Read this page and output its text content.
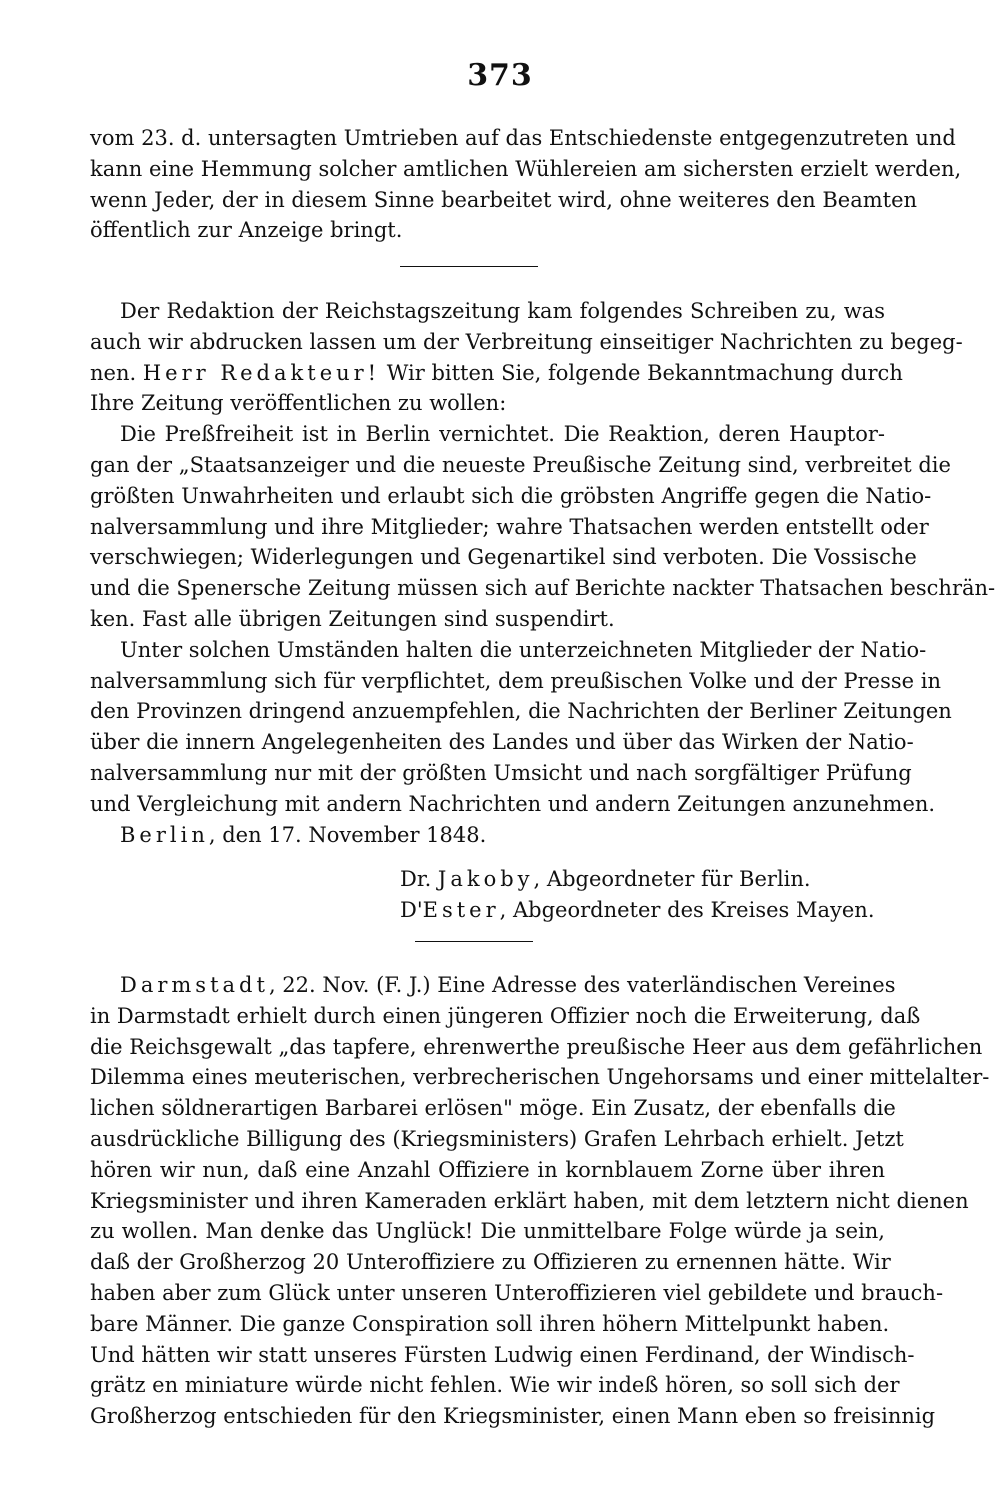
373
vom 23. d. untersagten Umtrieben auf das Entschiedenste entgegenzutreten und
kann eine Hemmung solcher amtlichen Wühlereien am sichersten erzielt werden,
wenn Jeder, der in diesem Sinne bearbeitet wird, ohne weiteres den Beamten
öffentlich zur Anzeige bringt.
Der Redaktion der Reichstagszeitung kam folgendes Schreiben zu, was
auch wir abdrucken lassen um der Verbreitung einseitiger Nachrichten zu begeg-
nen. Herr Redakteur! Wir bitten Sie, folgende Bekanntmachung durch
Ihre Zeitung veröffentlichen zu wollen:
Die Preßfreiheit ist in Berlin vernichtet. Die Reaktion, deren Hauptor-
gan der „Staatsanzeiger und die neueste Preußische Zeitung sind, verbreitet die
größten Unwahrheiten und erlaubt sich die gröbsten Angriffe gegen die Natio-
nalversammlung und ihre Mitglieder; wahre Thatsachen werden entstellt oder
verschwiegen; Widerlegungen und Gegenartikel sind verboten. Die Vossische
und die Spenersche Zeitung müssen sich auf Berichte nackter Thatsachen beschrän-
ken. Fast alle übrigen Zeitungen sind suspendirt.
Unter solchen Umständen halten die unterzeichneten Mitglieder der Natio-
nalversammlung sich für verpflichtet, dem preußischen Volke und der Presse in
den Provinzen dringend anzuempfehlen, die Nachrichten der Berliner Zeitungen
über die innern Angelegenheiten des Landes und über das Wirken der Natio-
nalversammlung nur mit der größten Umsicht und nach sorgfältiger Prüfung
und Vergleichung mit andern Nachrichten und andern Zeitungen anzunehmen.
Berlin, den 17. November 1848.
Dr. Jakoby, Abgeordneter für Berlin.
D'Ester, Abgeordneter des Kreises Mayen.
Darmstadt, 22. Nov. (F. J.) Eine Adresse des vaterländischen Vereines
in Darmstadt erhielt durch einen jüngeren Offizier noch die Erweiterung, daß
die Reichsgewalt „das tapfere, ehrenwerthe preußische Heer aus dem gefährlichen
Dilemma eines meuterischen, verbrecherischen Ungehorsams und einer mittelalter-
lichen söldnerartigen Barbarei erlösen" möge. Ein Zusatz, der ebenfalls die
ausdrückliche Billigung des (Kriegsministers) Grafen Lehrbach erhielt. Jetzt
hören wir nun, daß eine Anzahl Offiziere in kornblauem Zorne über ihren
Kriegsminister und ihren Kameraden erklärt haben, mit dem letztern nicht dienen
zu wollen. Man denke das Unglück! Die unmittelbare Folge würde ja sein,
daß der Großherzog 20 Unteroffiziere zu Offizieren zu ernennen hätte. Wir
haben aber zum Glück unter unseren Unteroffizieren viel gebildete und brauch-
bare Männer. Die ganze Conspiration soll ihren höhern Mittelpunkt haben.
Und hätten wir statt unseres Fürsten Ludwig einen Ferdinand, der Windisch-
grätz en miniature würde nicht fehlen. Wie wir indeß hören, so soll sich der
Großherzog entschieden für den Kriegsminister, einen Mann eben so freisinnig
